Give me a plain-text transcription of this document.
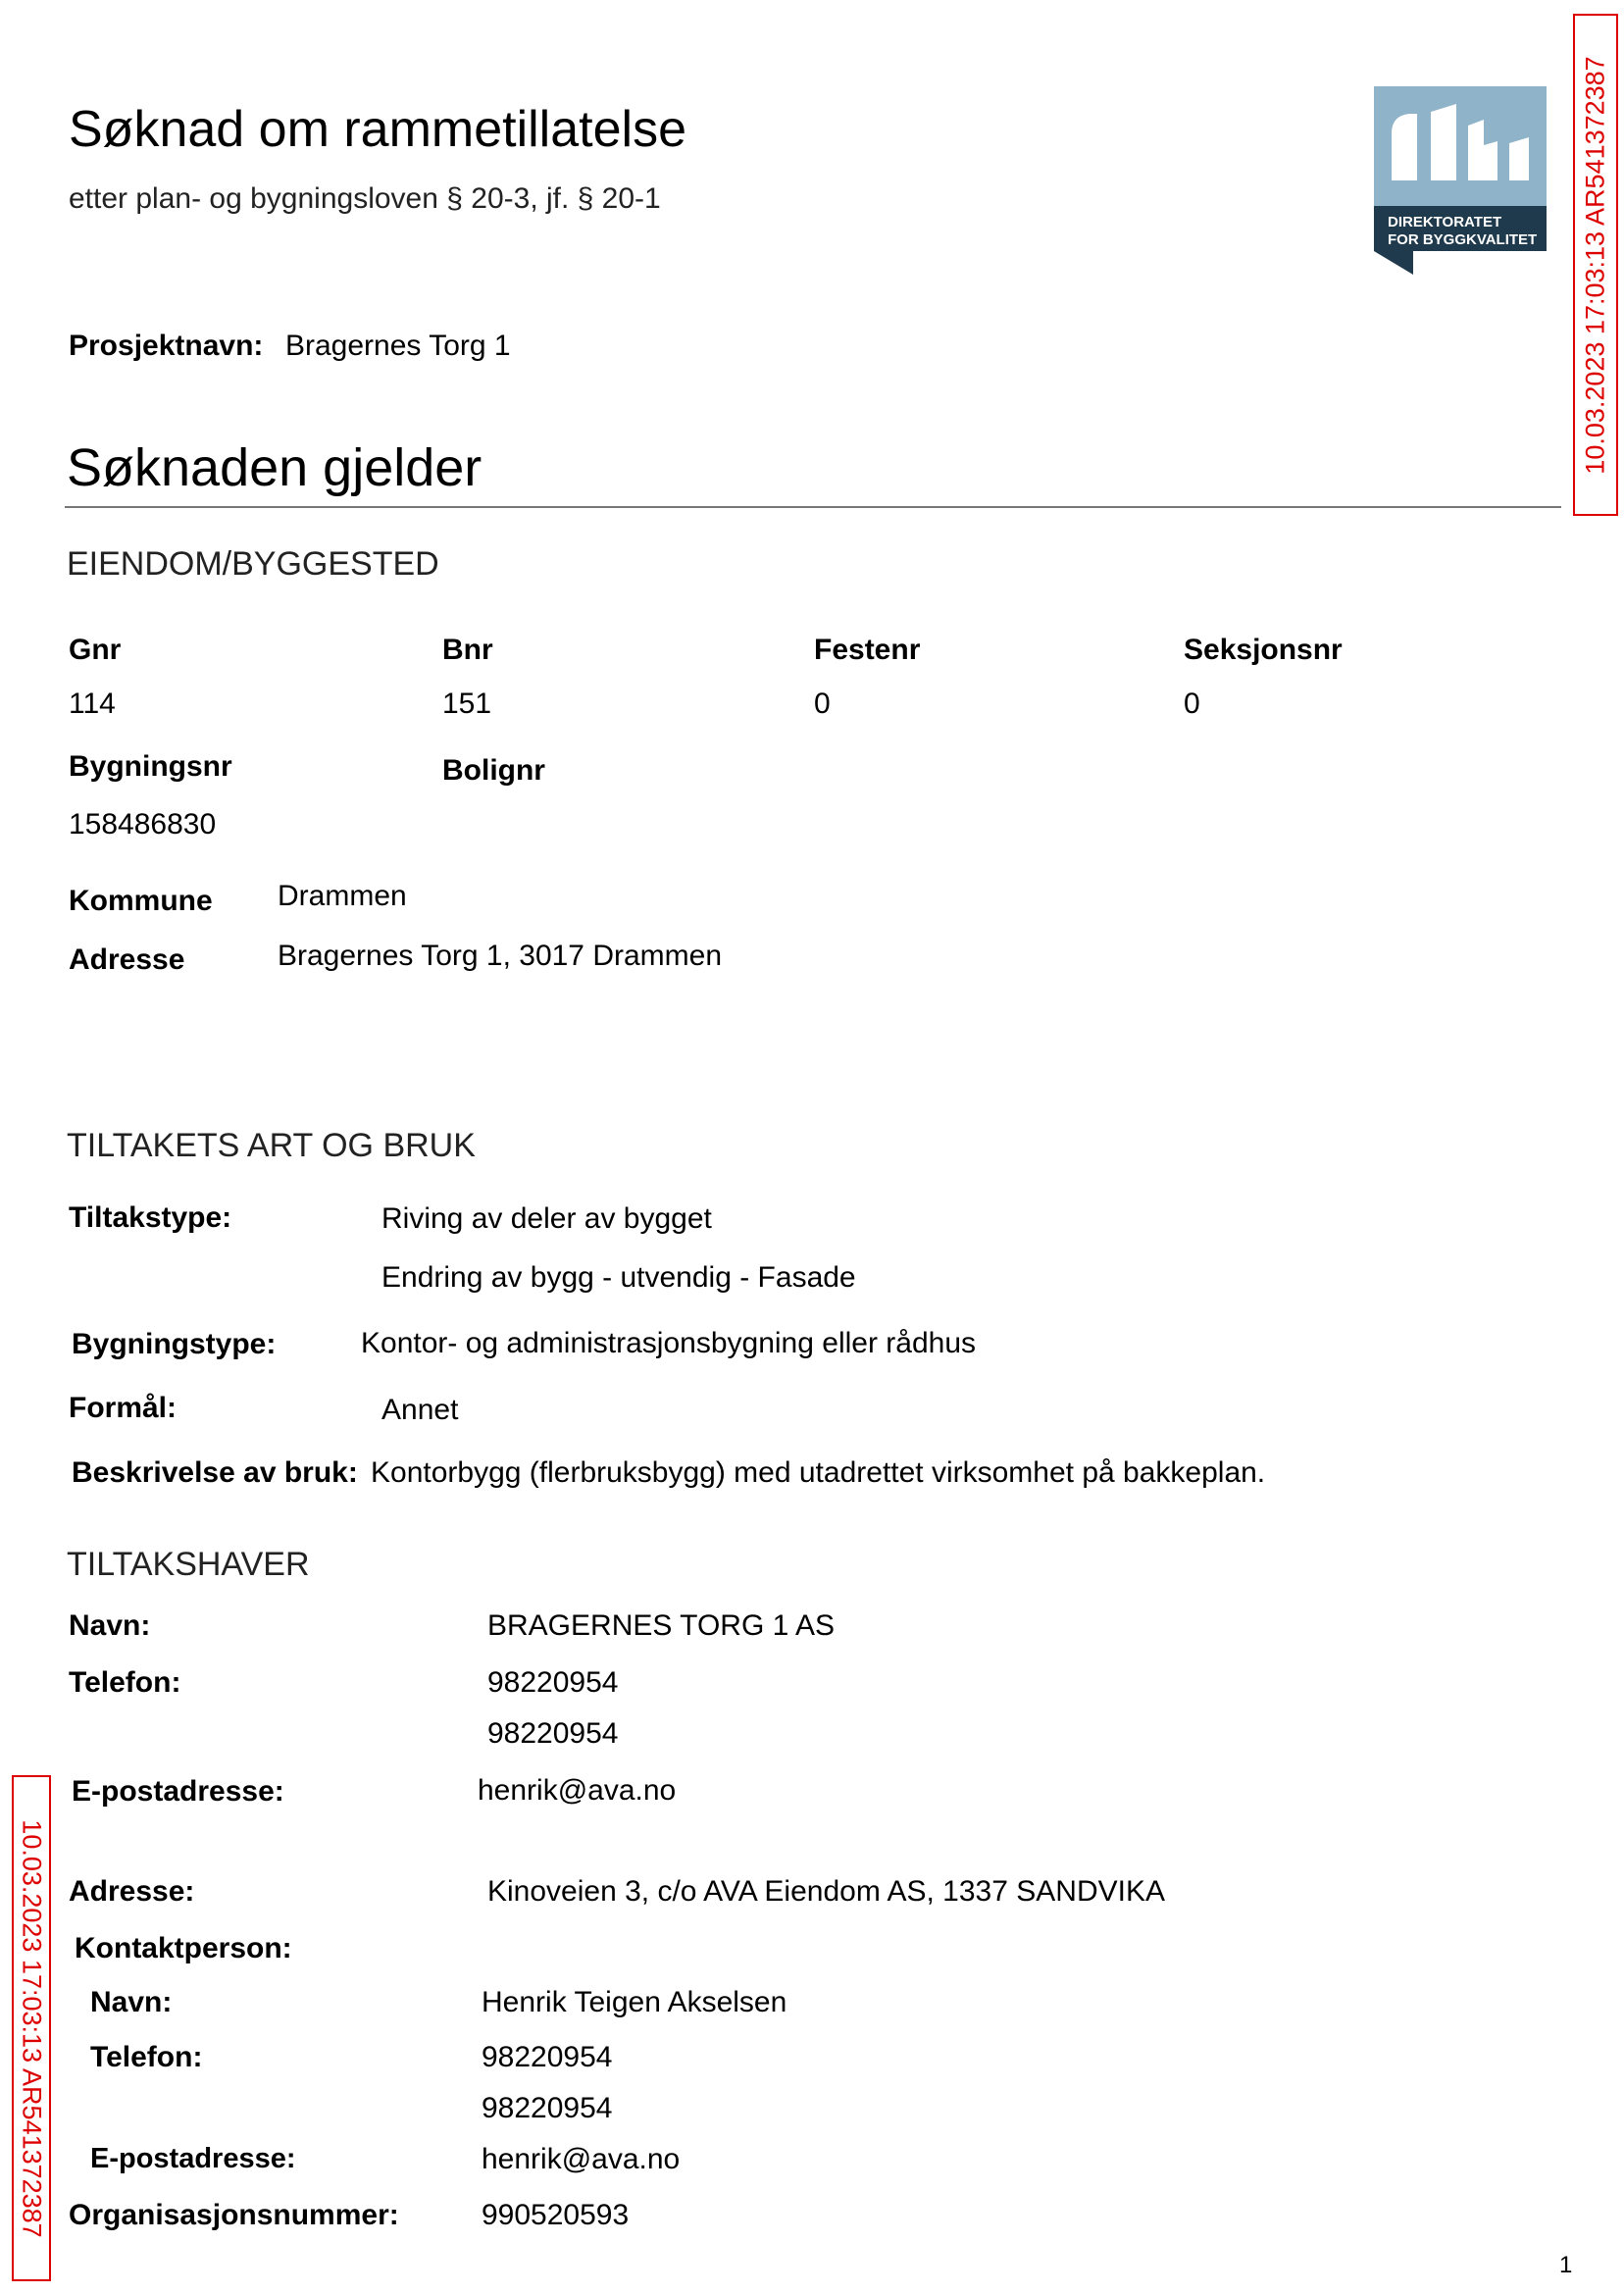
Søknad om rammetillatelse
etter plan- og bygningsloven § 20-3, jf. § 20-1
DIREKTORATET
FOR BYGGKVALITET 10.03.2023 17:03:13 AR541372387
10.03.2023 17:03:13 AR541372387
Prosjektnavn: Bragernes Torg 1
Søknaden gjelder
EIENDOM/BYGGESTED
Gnr	Bnr	Festenr	Seksjonsnr
114	151	0	0
Bygningsnr	Bolignr
158486830
Kommune Drammen
Adresse	Bragernes Torg 1, 3017 Drammen
TILTAKETS ART OG BRUK
Tiltakstype:	Riving av deler av bygget
Endring av bygg - utvendig - Fasade
Bygningstype:	Kontor- og administrasjonsbygning eller rådhus
Formål:	Annet
Beskrivelse av bruk: Kontorbygg (flerbruksbygg) med utadrettet virksomhet på bakkeplan.
TILTAKSHAVER
Navn:	BRAGERNES TORG 1 AS
Telefon:	98220954
98220954
E-postadresse:	henrik@ava.no
Adresse:	Kinoveien 3, c/o AVA Eiendom AS, 1337 SANDVIKA
Kontaktperson:
Navn:	Henrik Teigen Akselsen
Telefon:	98220954
98220954
E-postadresse:	henrik@ava.no
Organisasjonsnummer:	990520593
1
